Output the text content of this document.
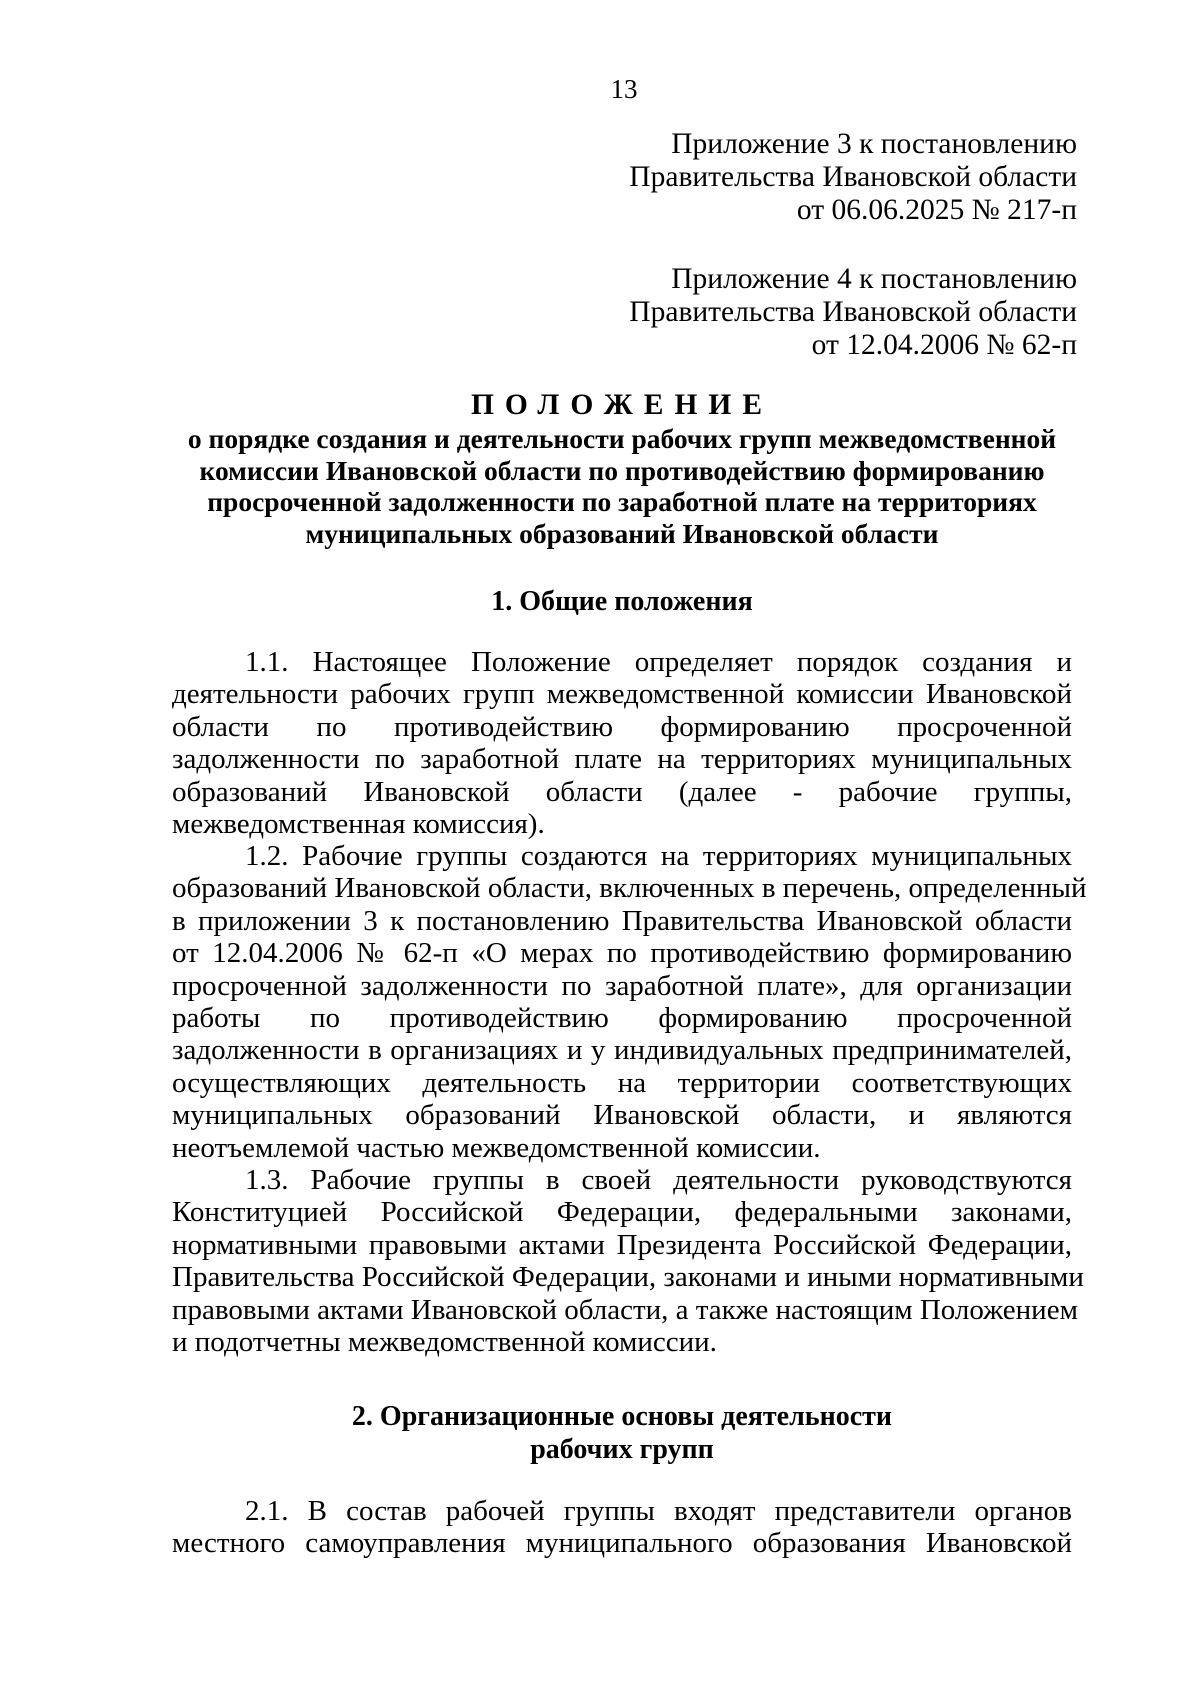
13
Приложение 3 к постановлению
Правительства Ивановской области
от 06.06.2025 № 217-п
Приложение 4 к постановлению
Правительства Ивановской области
от 12.04.2006 № 62-п
ПОЛОЖЕНИЕ
о порядке создания и деятельности рабочих групп межведомственной
комиссии Ивановской области по противодействию формированию
просроченной задолженности по заработной плате на территориях
муниципальных образований Ивановской области
1. Общие положения
1.1. Настоящее Положение определяет порядок создания и
деятельности рабочих групп межведомственной комиссии Ивановской
области по противодействию формированию просроченной
задолженности по заработной плате на территориях муниципальных
образований Ивановской области (далее - рабочие группы,
межведомственная комиссия).
1.2. Рабочие группы создаются на территориях муниципальных
образований Ивановской области, включенных в перечень, определенный
в приложении 3 к постановлению Правительства Ивановской области
от 12.04.2006 № 62-п «О мерах по противодействию формированию
просроченной задолженности по заработной плате», для организации
работы по противодействию формированию просроченной
задолженности в организациях и у индивидуальных предпринимателей,
осуществляющих деятельность на территории соответствующих
муниципальных образований Ивановской области, и являются
неотъемлемой частью межведомственной комиссии.
1.3. Рабочие группы в своей деятельности руководствуются
Конституцией Российской Федерации, федеральными законами,
нормативными правовыми актами Президента Российской Федерации,
Правительства Российской Федерации, законами и иными нормативными
правовыми актами Ивановской области, а также настоящим Положением
и подотчетны межведомственной комиссии.
2. Организационные основы деятельности
рабочих групп
2.1. В состав рабочей группы входят представители органов
местного самоуправления муниципального образования Ивановской
